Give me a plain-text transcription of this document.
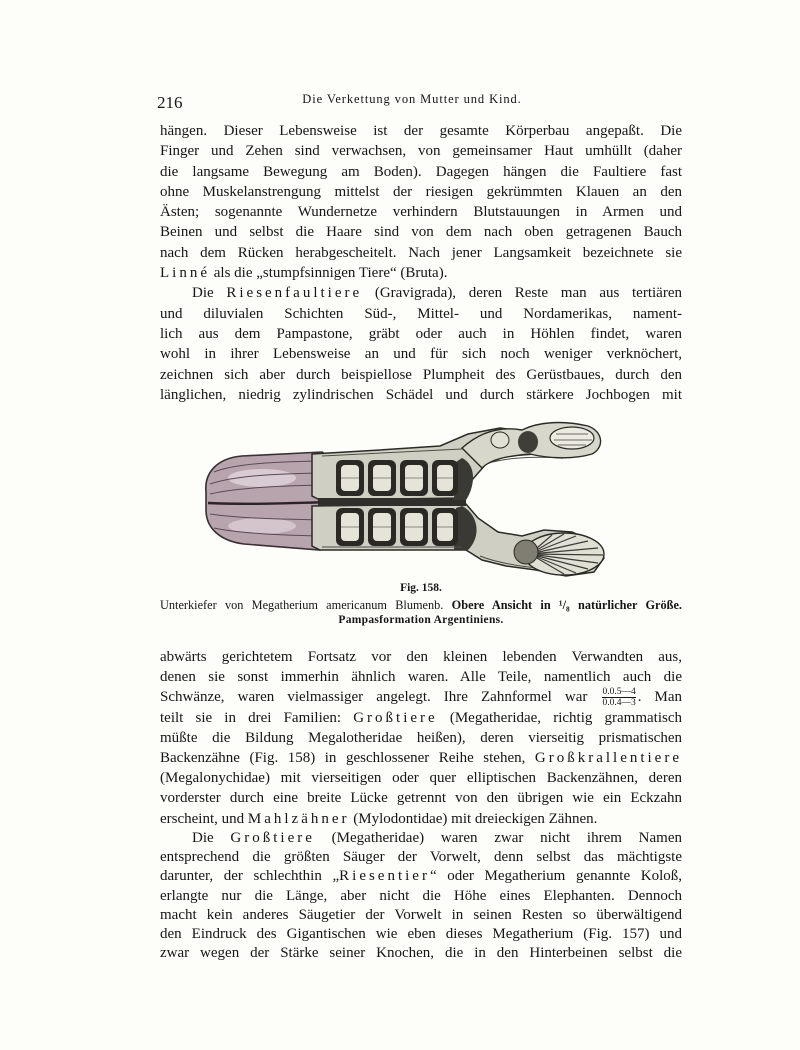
216	Die Verkettung von Mutter und Kind.
hängen. Dieser Lebensweise ist der gesamte Körperbau angepaßt. Die
Finger und Zehen sind verwachsen, von gemeinsamer Haut umhüllt (daher
die langsame Bewegung am Boden). Dagegen hängen die Faultiere fast
ohne Muskelanstrengung mittelst der riesigen gekrümmten Klauen an den
Ästen; sogenannte Wundernetze verhindern Blutstauungen in Armen und
Beinen und selbst die Haare sind von dem nach oben getragenen Bauch
nach dem Rücken herabgescheitelt. Nach jener Langsamkeit bezeichnete sie
Linné als die „stumpfsinnigen Tiere“ (Bruta).
Die Riesenfaultiere (Gravigrada), deren Reste man aus tertiären
und diluvialen Schichten Süd-, Mittel- und Nordamerikas, nament-
lich aus dem Pampastone, gräbt oder auch in Höhlen findet, waren
wohl in ihrer Lebensweise an und für sich noch weniger verknöchert,
zeichnen sich aber durch beispiellose Plumpheit des Gerüstbaues, durch den
länglichen, niedrig zylindrischen Schädel und durch stärkere Jochbogen mit
Fig. 158.
Unterkiefer von Megatherium americanum Blumenb. Obere Ansicht in ¹/₈ natürlicher Größe.
Pampasformation Argentiniens.
abwärts gerichtetem Fortsatz vor den kleinen lebenden Verwandten aus,
denen sie sonst immerhin ähnlich waren. Alle Teile, namentlich auch die
Schwänze, waren vielmassiger angelegt. Ihre Zahnformel war $\frac{0.0.5—4}{0.0.4—3}$ . Man
teilt sie in drei Familien: Großtiere (Megatheridae, richtig grammatisch
müßte die Bildung Megalotheridae heißen), deren vierseitig prismatischen
Backenzähne (Fig. 158) in geschlossener Reihe stehen, Großkrallentiere
(Megalonychidae) mit vierseitigen oder quer elliptischen Backenzähnen, deren
vorderster durch eine breite Lücke getrennt von den übrigen wie ein Eckzahn
erscheint, und Mahlzähner (Mylodontidae) mit dreieckigen Zähnen.
Die Großtiere (Megatheridae) waren zwar nicht ihrem Namen
entsprechend die größten Säuger der Vorwelt, denn selbst das mächtigste
darunter, der schlechthin „Riesentier“ oder Megatherium genannte Koloß,
erlangte nur die Länge, aber nicht die Höhe eines Elephanten. Dennoch
macht kein anderes Säugetier der Vorwelt in seinen Resten so überwältigend
den Eindruck des Gigantischen wie eben dieses Megatherium (Fig. 157) und
zwar wegen der Stärke seiner Knochen, die in den Hinterbeinen selbst die
